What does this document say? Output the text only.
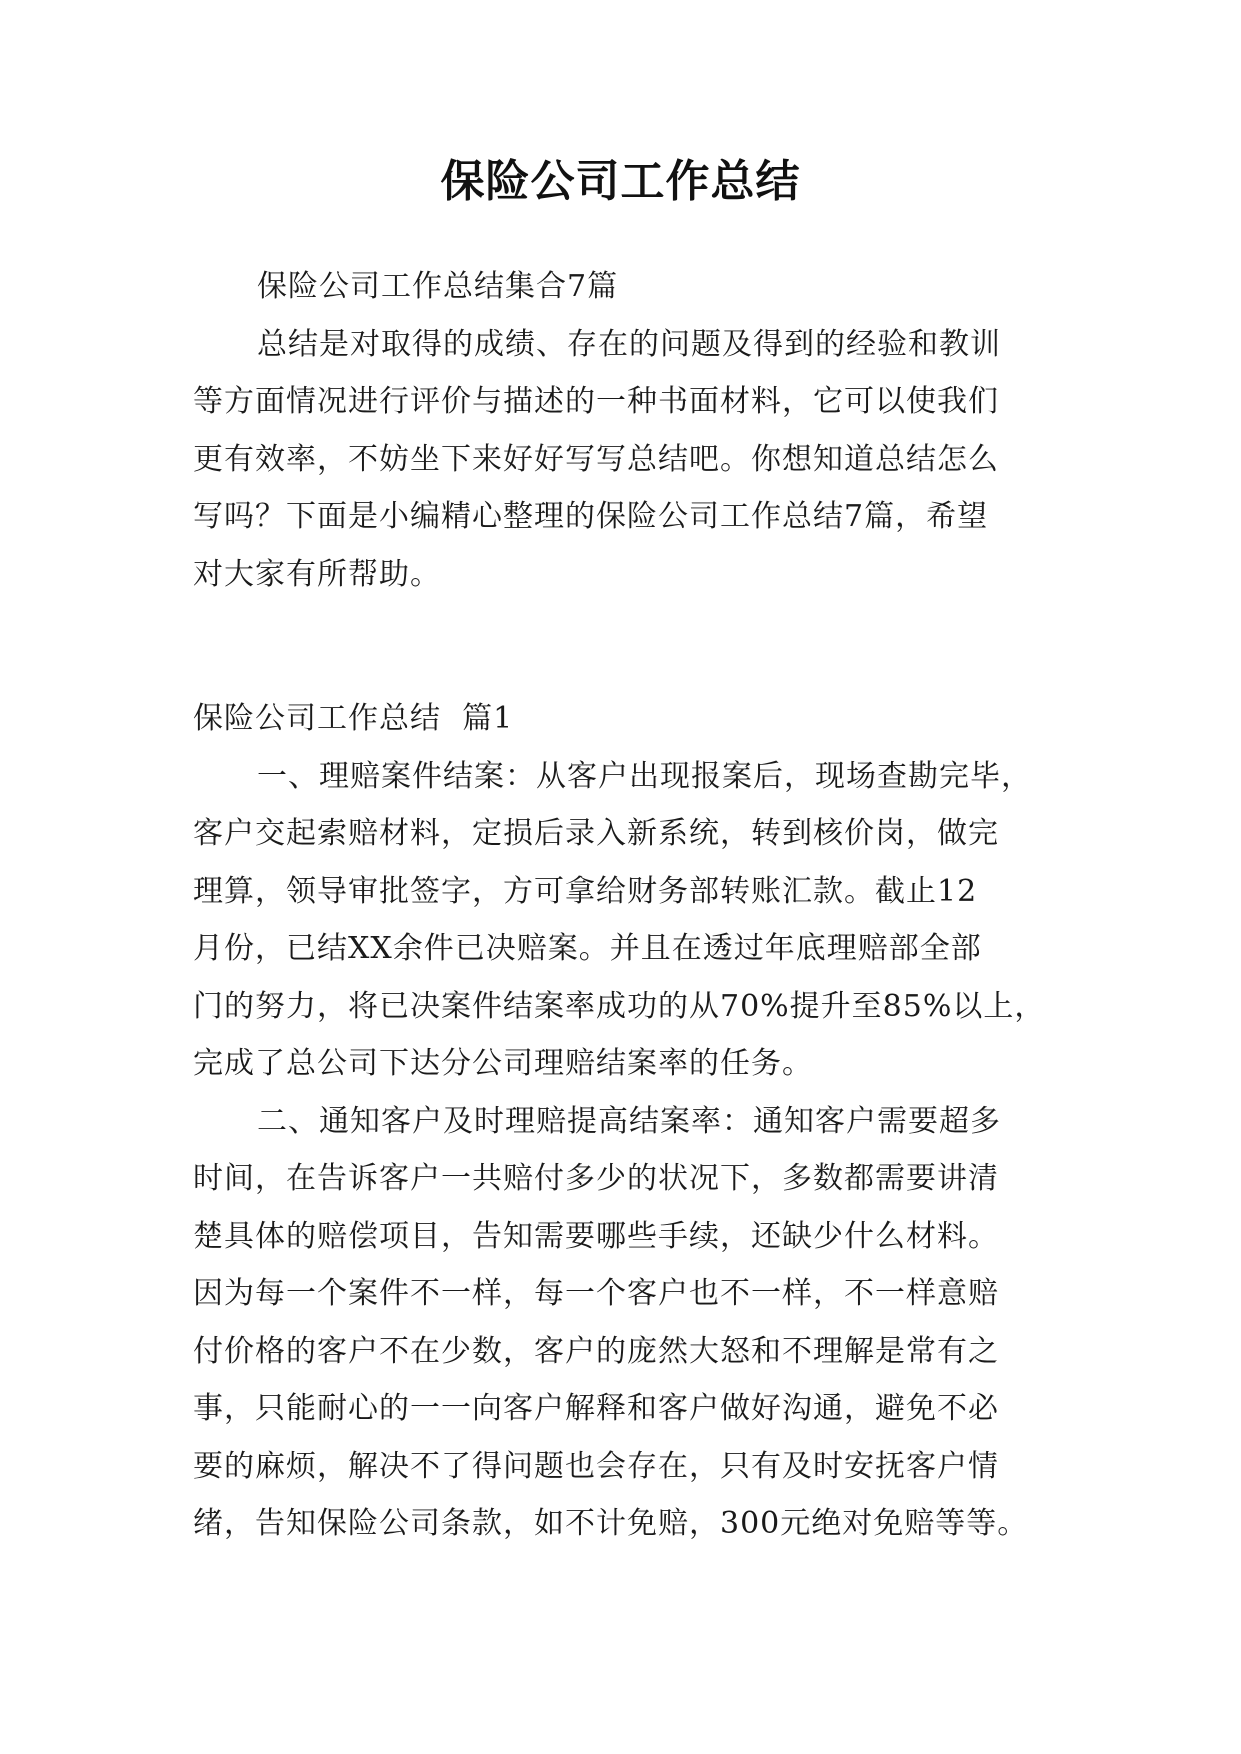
保险公司工作总结
保险公司工作总结集合7篇
总结是对取得的成绩、存在的问题及得到的经验和教训
等方面情况进行评价与描述的一种书面材料，它可以使我们
更有效率，不妨坐下来好好写写总结吧。你想知道总结怎么
写吗？下面是小编精心整理的保险公司工作总结7篇，希望
对大家有所帮助。
保险公司工作总结  篇1
一、理赔案件结案：从客户出现报案后，现场查勘完毕，
客户交起索赔材料，定损后录入新系统，转到核价岗，做完
理算，领导审批签字，方可拿给财务部转账汇款。截止12
月份，已结XX余件已决赔案。并且在透过年底理赔部全部
门的努力，将已决案件结案率成功的从70%提升至85%以上，
完成了总公司下达分公司理赔结案率的任务。
二、通知客户及时理赔提高结案率：通知客户需要超多
时间，在告诉客户一共赔付多少的状况下，多数都需要讲清
楚具体的赔偿项目，告知需要哪些手续，还缺少什么材料。
因为每一个案件不一样，每一个客户也不一样，不一样意赔
付价格的客户不在少数，客户的庞然大怒和不理解是常有之
事，只能耐心的一一向客户解释和客户做好沟通，避免不必
要的麻烦，解决不了得问题也会存在，只有及时安抚客户情
绪，告知保险公司条款，如不计免赔，300元绝对免赔等等。
